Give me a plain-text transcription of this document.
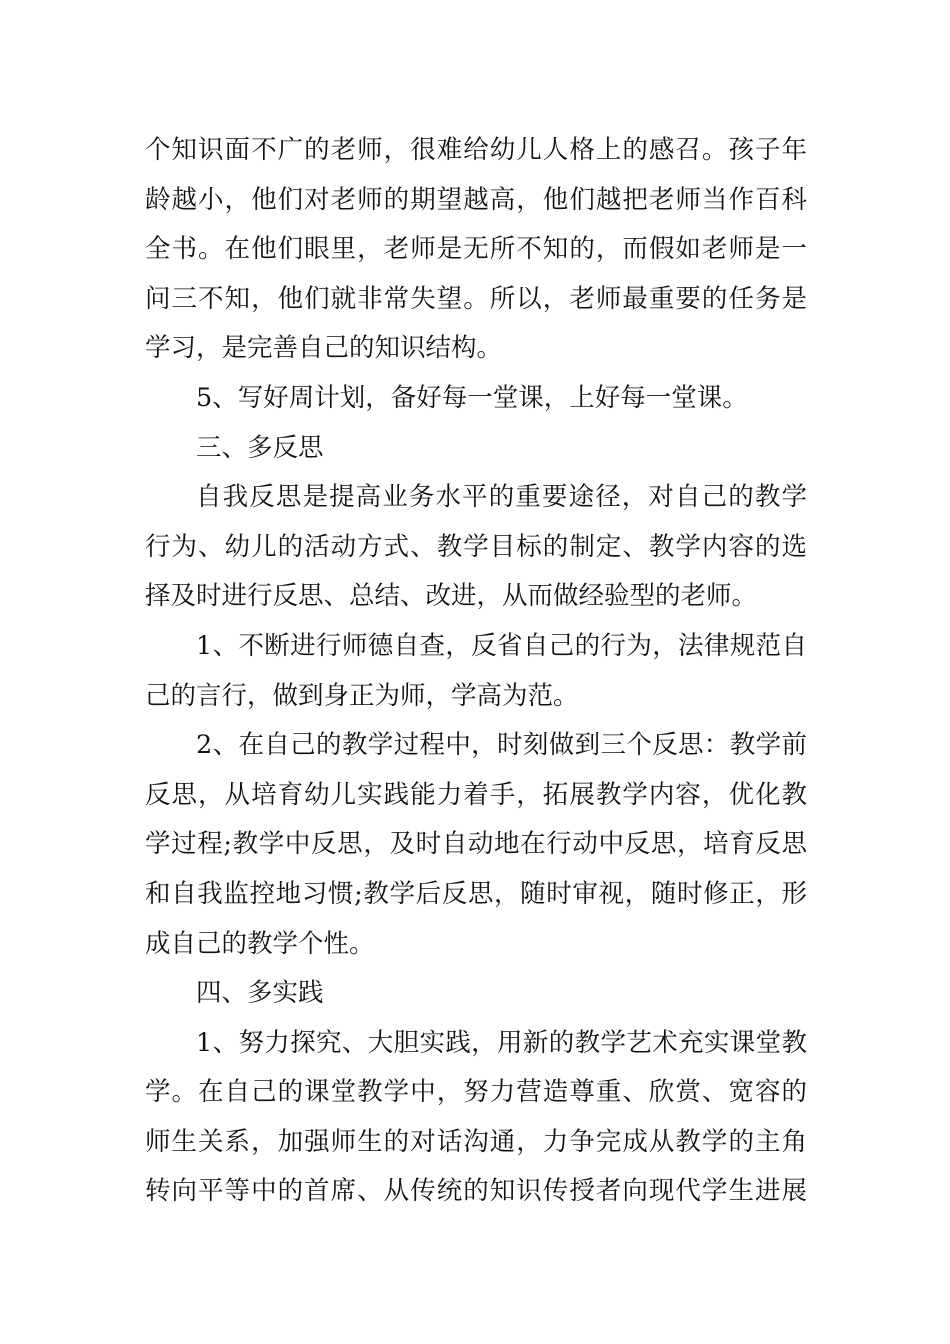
个知识面不广的老师，很难给幼儿人格上的感召。孩子年
龄越小，他们对老师的期望越高，他们越把老师当作百科
全书。在他们眼里，老师是无所不知的，而假如老师是一
问三不知，他们就非常失望。所以，老师最重要的任务是
学习，是完善自己的知识结构。
5、写好周计划，备好每一堂课，上好每一堂课。
三、多反思
自我反思是提高业务水平的重要途径，对自己的教学
行为、幼儿的活动方式、教学目标的制定、教学内容的选
择及时进行反思、总结、改进，从而做经验型的老师。
1、不断进行师德自查，反省自己的行为，法律规范自
己的言行，做到身正为师，学高为范。
2、在自己的教学过程中，时刻做到三个反思：教学前
反思，从培育幼儿实践能力着手，拓展教学内容，优化教
学过程;教学中反思，及时自动地在行动中反思，培育反思
和自我监控地习惯;教学后反思，随时审视，随时修正，形
成自己的教学个性。
四、多实践
1、努力探究、大胆实践，用新的教学艺术充实课堂教
学。在自己的课堂教学中，努力营造尊重、欣赏、宽容的
师生关系，加强师生的对话沟通，力争完成从教学的主角
转向平等中的首席、从传统的知识传授者向现代学生进展
